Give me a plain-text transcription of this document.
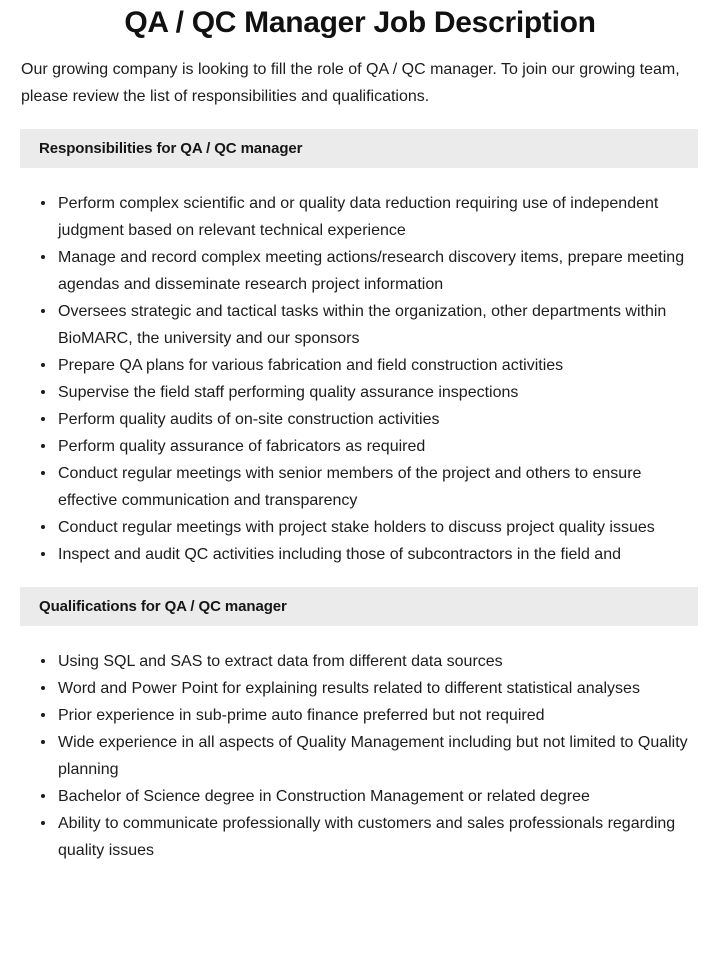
QA / QC Manager Job Description

Our growing company is looking to fill the role of QA / QC manager. To join our growing team, please review the list of responsibilities and qualifications.

Responsibilities for QA / QC manager
Perform complex scientific and or quality data reduction requiring use of independent judgment based on relevant technical experience
Manage and record complex meeting actions/research discovery items, prepare meeting agendas and disseminate research project information
Oversees strategic and tactical tasks within the organization, other departments within BioMARC, the university and our sponsors
Prepare QA plans for various fabrication and field construction activities
Supervise the field staff performing quality assurance inspections
Perform quality audits of on-site construction activities
Perform quality assurance of fabricators as required
Conduct regular meetings with senior members of the project and others to ensure effective communication and transparency
Conduct regular meetings with project stake holders to discuss project quality issues
Inspect and audit QC activities including those of subcontractors in the field and
Qualifications for QA / QC manager
Using SQL and SAS to extract data from different data sources
Word and Power Point for explaining results related to different statistical analyses
Prior experience in sub-prime auto finance preferred but not required
Wide experience in all aspects of Quality Management including but not limited to Quality planning
Bachelor of Science degree in Construction Management or related degree
Ability to communicate professionally with customers and sales professionals regarding quality issues
